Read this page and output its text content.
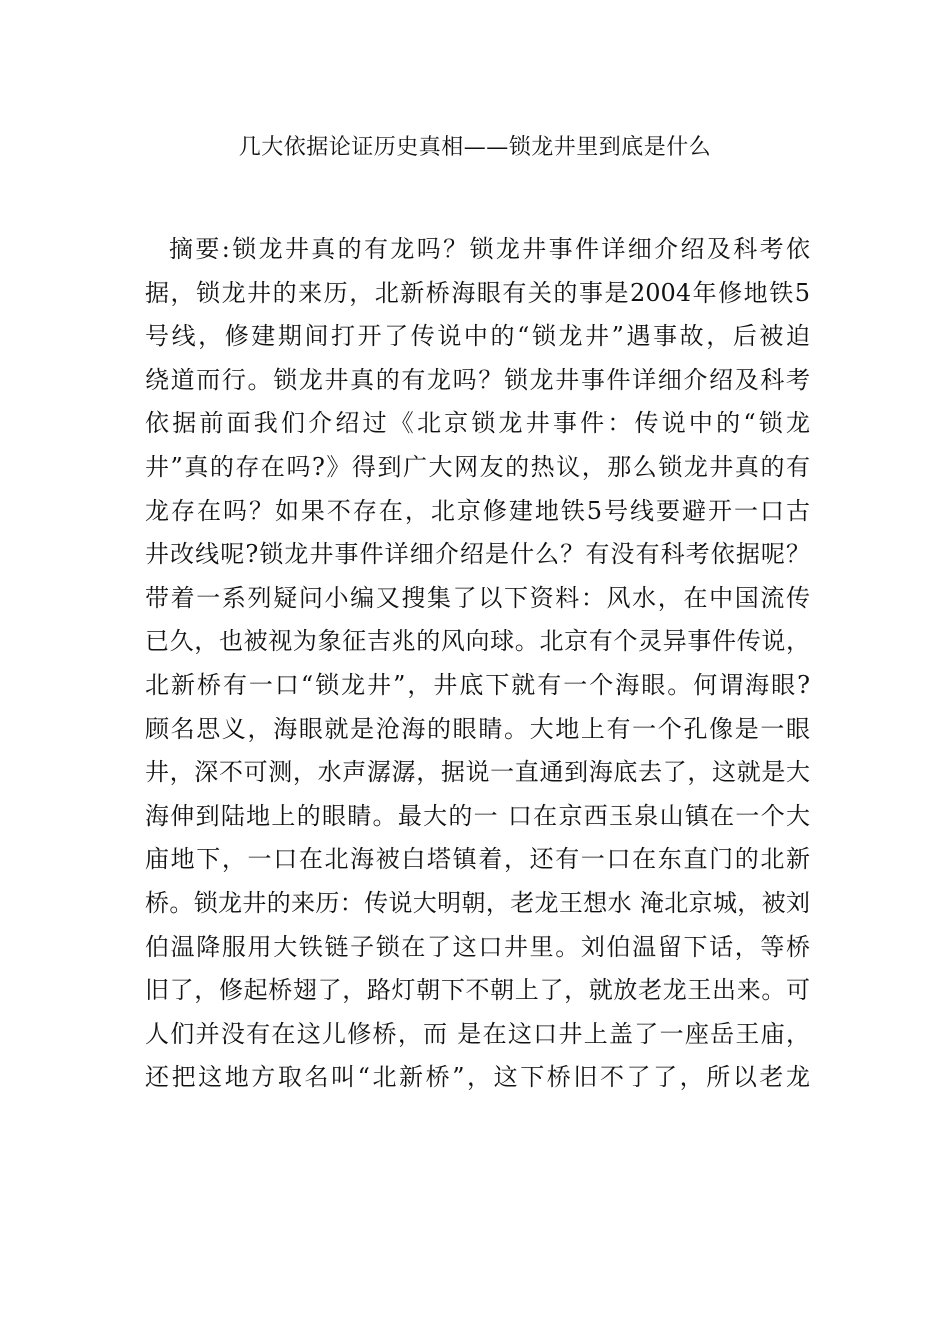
几大依据论证历史真相——锁龙井里到底是什么
摘要:锁龙井真的有龙吗？锁龙井事件详细介绍及科考依
据，锁龙井的来历，北新桥海眼有关的事是2004年修地铁5
号线，修建期间打开了传说中的“锁龙井”遇事故，后被迫
绕道而行。锁龙井真的有龙吗？锁龙井事件详细介绍及科考
依据前面我们介绍过《北京锁龙井事件：传说中的“锁龙
井”真的存在吗?》得到广大网友的热议，那么锁龙井真的有
龙存在吗？如果不存在，北京修建地铁5号线要避开一口古
井改线呢?锁龙井事件详细介绍是什么？有没有科考依据呢？
带着一系列疑问小编又搜集了以下资料：风水，在中国流传
已久，也被视为象征吉兆的风向球。北京有个灵异事件传说，
北新桥有一口“锁龙井”，井底下就有一个海眼。何谓海眼?
顾名思义，海眼就是沧海的眼睛。大地上有一个孔像是一眼
井，深不可测，水声潺潺，据说一直通到海底去了，这就是大
海伸到陆地上的眼睛。最大的一 口在京西玉泉山镇在一个大
庙地下，一口在北海被白塔镇着，还有一口在东直门的北新
桥。锁龙井的来历：传说大明朝，老龙王想水 淹北京城，被刘
伯温降服用大铁链子锁在了这口井里。刘伯温留下话，等桥
旧了，修起桥翅了，路灯朝下不朝上了，就放老龙王出来。可
人们并没有在这儿修桥，而 是在这口井上盖了一座岳王庙，
还把这地方取名叫“北新桥”，这下桥旧不了了，所以老龙
